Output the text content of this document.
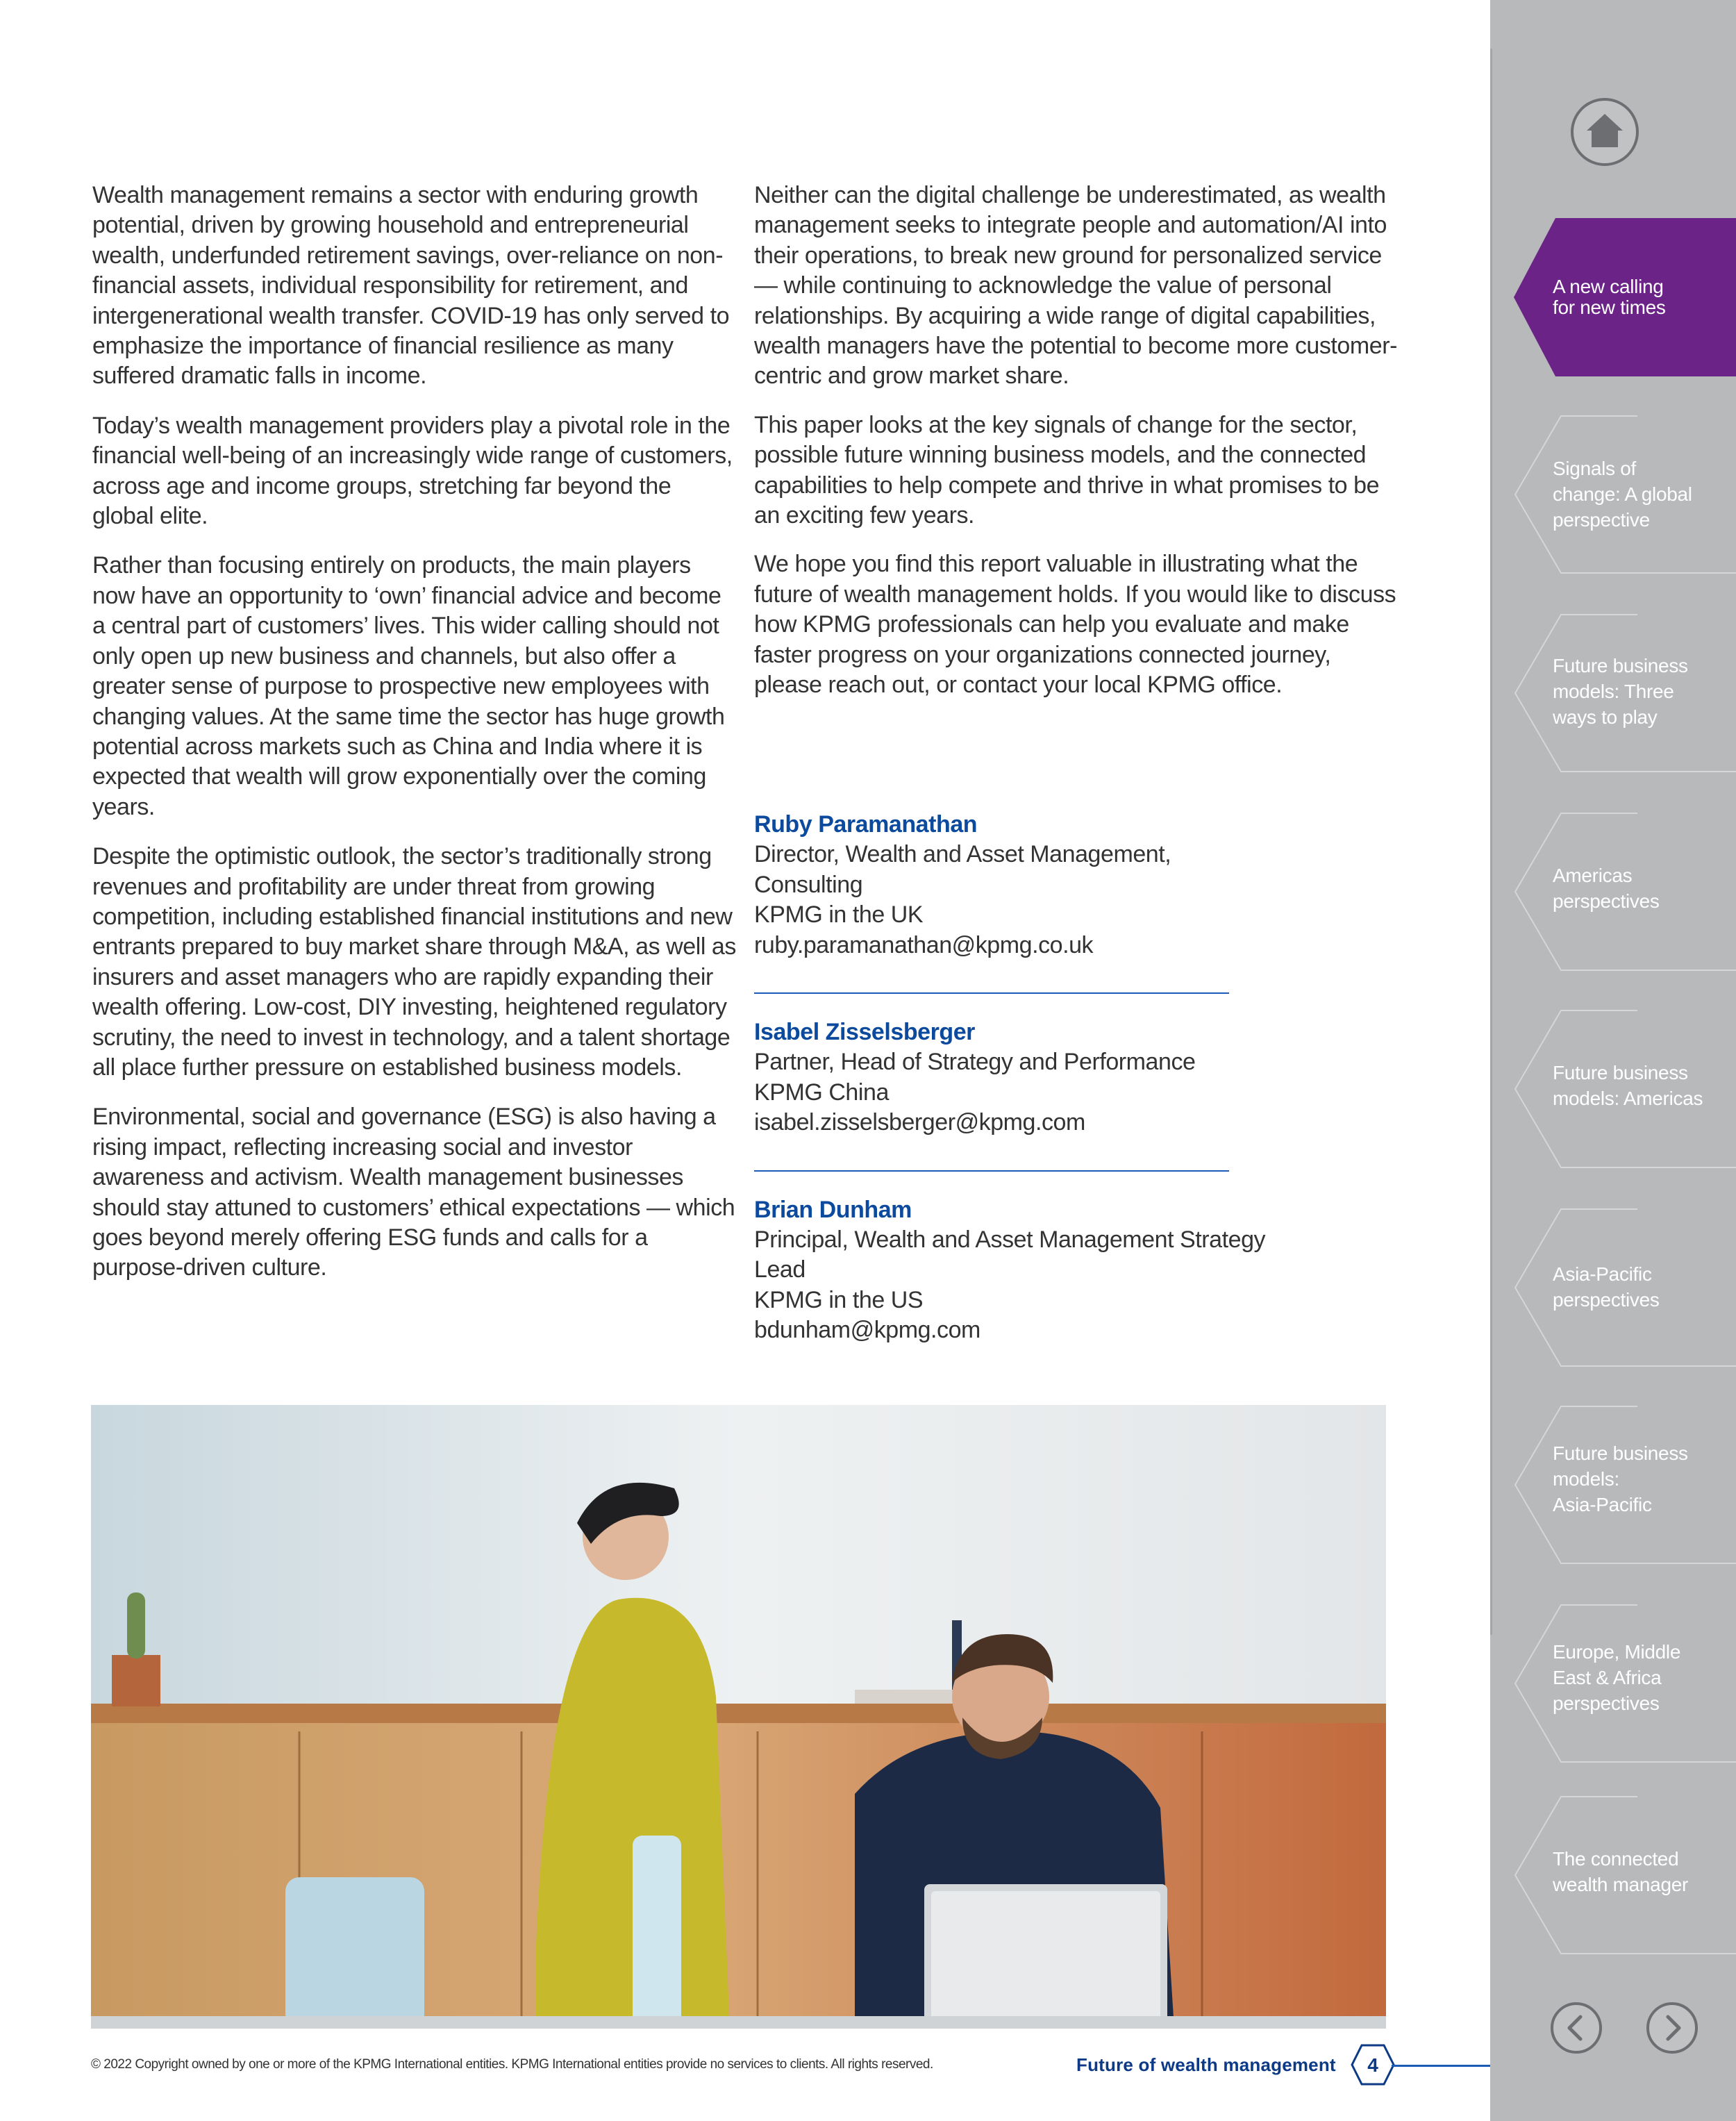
Wealth management remains a sector with enduring growth potential, driven by growing household and entrepreneurial wealth, underfunded retirement savings, over-reliance on non-financial assets, individual responsibility for retirement, and intergenerational wealth transfer. COVID-19 has only served to emphasize the importance of financial resilience as many suffered dramatic falls in income.

Today’s wealth management providers play a pivotal role in the financial well-being of an increasingly wide range of customers, across age and income groups, stretching far beyond the global elite.

Rather than focusing entirely on products, the main players now have an opportunity to ‘own’ financial advice and become a central part of customers’ lives. This wider calling should not only open up new business and channels, but also offer a greater sense of purpose to prospective new employees with changing values. At the same time the sector has huge growth potential across markets such as China and India where it is expected that wealth will grow exponentially over the coming years.

Despite the optimistic outlook, the sector’s traditionally strong revenues and profitability are under threat from growing competition, including established financial institutions and new entrants prepared to buy market share through M&A, as well as insurers and asset managers who are rapidly expanding their wealth offering. Low-cost, DIY investing, heightened regulatory scrutiny, the need to invest in technology, and a talent shortage all place further pressure on established business models.

Environmental, social and governance (ESG) is also having a rising impact, reflecting increasing social and investor awareness and activism. Wealth management businesses should stay attuned to customers’ ethical expectations — which goes beyond merely offering ESG funds and calls for a purpose-driven culture.

Neither can the digital challenge be underestimated, as wealth management seeks to integrate people and automation/AI into their operations, to break new ground for personalized service — while continuing to acknowledge the value of personal relationships. By acquiring a wide range of digital capabilities, wealth managers have the potential to become more customer-centric and grow market share.

This paper looks at the key signals of change for the sector, possible future winning business models, and the connected capabilities to help compete and thrive in what promises to be an exciting few years.

We hope you find this report valuable in illustrating what the future of wealth management holds. If you would like to discuss how KPMG professionals can help you evaluate and make faster progress on your organizations connected journey, please reach out, or contact your local KPMG office.

Ruby Paramanathan
Director, Wealth and Asset Management, Consulting
KPMG in the UK
ruby.paramanathan@kpmg.co.uk
Isabel Zisselsberger
Partner, Head of Strategy and Performance
KPMG China
isabel.zisselsberger@kpmg.com
Brian Dunham
Principal, Wealth and Asset Management Strategy Lead
KPMG in the US
bdunham@kpmg.com
© 2022 Copyright owned by one or more of the KPMG International entities. KPMG International entities provide no services to clients. All rights reserved.	Future of wealth management 4
A new calling
for new times
Signals of
change: A global
perspective
Future business
models: Three
ways to play
Americas
perspectives
Future business
models: Americas
Asia-Pacific
perspectives
Future business
models:
Asia-Pacific
Europe, Middle
East & Africa
perspectives
The connected
wealth manager
